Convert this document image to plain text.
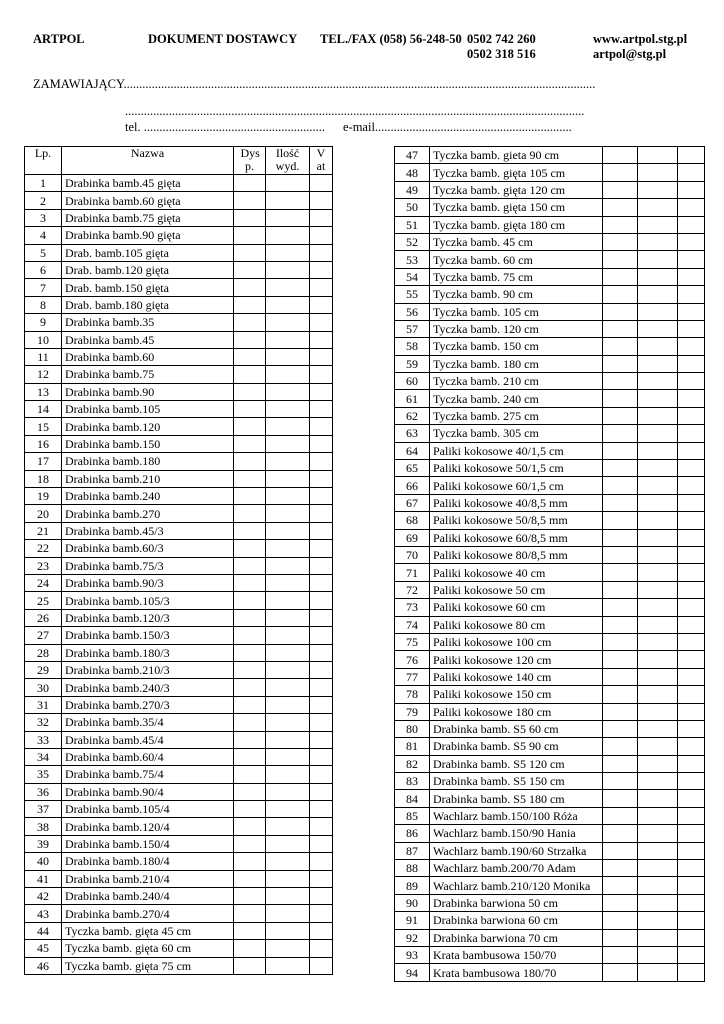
ARTPOL	DOKUMENT DOSTAWCY TEL./FAX (058) 56-248-50 0502 742 260
0502 318 516
www.artpol.stg.pl
artpol@stg.pl
ZAMAWIAJĄCY.......................................................................................................................................................
...................................................................................................................................................
tel. .......................................................... e-mail...............................................................
Lp.	Nazwa	Dys p.	Ilość wyd.	V at

1	Drabinka bamb.45 gięta			
2	Drabinka bamb.60 gięta			
3	Drabinka bamb.75 gięta			
4	Drabinka bamb.90 gięta			
5	Drab. bamb.105 gięta			
6	Drab. bamb.120 gięta			
7	Drab. bamb.150 gięta			
8	Drab. bamb.180 gięta			
9	Drabinka bamb.35			
10	Drabinka bamb.45			
11	Drabinka bamb.60			
12	Drabinka bamb.75			
13	Drabinka bamb.90			
14	Drabinka bamb.105			
15	Drabinka bamb.120			
16	Drabinka bamb.150			
17	Drabinka bamb.180			
18	Drabinka bamb.210			
19	Drabinka bamb.240			
20	Drabinka bamb.270			
21	Drabinka bamb.45/3			
22	Drabinka bamb.60/3			
23	Drabinka bamb.75/3			
24	Drabinka bamb.90/3			
25	Drabinka bamb.105/3			
26	Drabinka bamb.120/3			
27	Drabinka bamb.150/3			
28	Drabinka bamb.180/3			
29	Drabinka bamb.210/3			
30	Drabinka bamb.240/3			
31	Drabinka bamb.270/3			
32	Drabinka bamb.35/4			
33	Drabinka bamb.45/4			
34	Drabinka bamb.60/4			
35	Drabinka bamb.75/4			
36	Drabinka bamb.90/4			
37	Drabinka bamb.105/4			
38	Drabinka bamb.120/4			
39	Drabinka bamb.150/4			
40	Drabinka bamb.180/4			
41	Drabinka bamb.210/4			
42	Drabinka bamb.240/4			
43	Drabinka bamb.270/4			
44	Tyczka bamb. gięta 45 cm			
45	Tyczka bamb. gięta 60 cm			
46	Tyczka bamb. gięta 75 cm			
47	Tyczka bamb. gieta 90 cm			
48	Tyczka bamb. gięta 105 cm			
49	Tyczka bamb. gięta 120 cm			
50	Tyczka bamb. gięta 150 cm			
51	Tyczka bamb. gięta 180 cm			
52	Tyczka bamb. 45 cm			
53	Tyczka bamb. 60 cm			
54	Tyczka bamb. 75 cm			
55	Tyczka bamb. 90 cm			
56	Tyczka bamb. 105 cm			
57	Tyczka bamb. 120 cm			
58	Tyczka bamb. 150 cm			
59	Tyczka bamb. 180 cm			
60	Tyczka bamb. 210 cm			
61	Tyczka bamb. 240 cm			
62	Tyczka bamb. 275 cm			
63	Tyczka bamb. 305 cm			
64	Paliki kokosowe 40/1,5 cm			
65	Paliki kokosowe 50/1,5 cm			
66	Paliki kokosowe 60/1,5 cm			
67	Paliki kokosowe 40/8,5 mm			
68	Paliki kokosowe 50/8,5 mm			
69	Paliki kokosowe 60/8,5 mm			
70	Paliki kokosowe 80/8,5 mm			
71	Paliki kokosowe 40 cm			
72	Paliki kokosowe 50 cm			
73	Paliki kokosowe 60 cm			
74	Paliki kokosowe 80 cm			
75	Paliki kokosowe 100 cm			
76	Paliki kokosowe 120 cm			
77	Paliki kokosowe 140 cm			
78	Paliki kokosowe 150 cm			
79	Paliki kokosowe 180 cm			
80	Drabinka bamb. S5 60 cm			
81	Drabinka bamb. S5 90 cm			
82	Drabinka bamb. S5 120 cm			
83	Drabinka bamb. S5 150 cm			
84	Drabinka bamb. S5 180 cm			
85	Wachlarz bamb.150/100 Róża			
86	Wachlarz bamb.150/90 Hania			
87	Wachlarz bamb.190/60 Strzałka			
88	Wachlarz bamb.200/70 Adam			
89	Wachlarz bamb.210/120 Monika			
90	Drabinka barwiona 50 cm			
91	Drabinka barwiona 60 cm			
92	Drabinka barwiona 70 cm			
93	Krata bambusowa 150/70			
94	Krata bambusowa 180/70			
